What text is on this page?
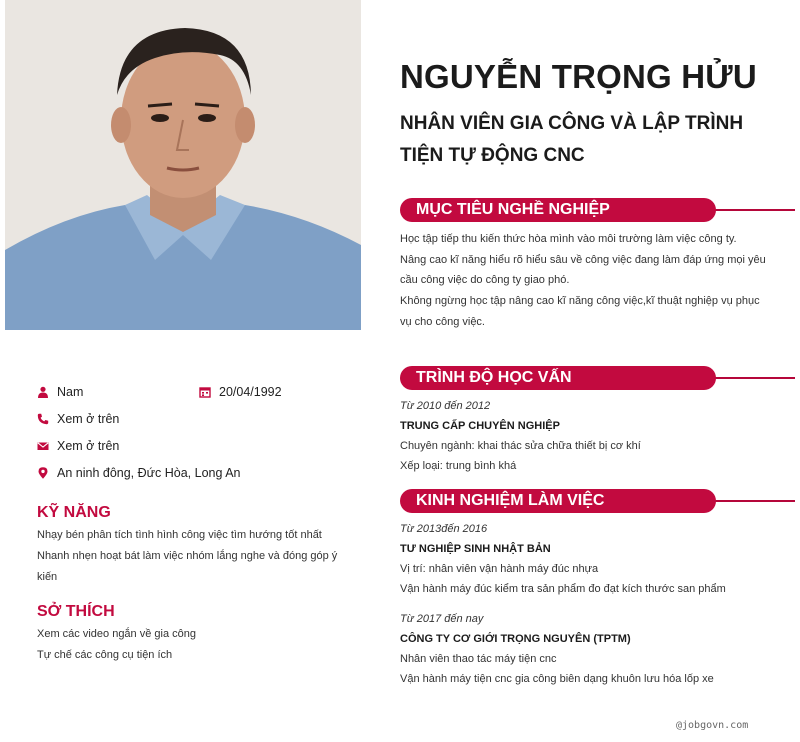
NGUYỄN TRỌNG HỬU
NHÂN VIÊN GIA CÔNG VÀ LẬP TRÌNH
TIỆN TỰ ĐỘNG CNC
MỤC TIÊU NGHỀ NGHIỆP
Học tập tiếp thu kiến thức hòa mình vào môi trường làm việc công ty.
Nâng cao kĩ năng hiểu rõ hiểu sâu về công việc đang làm đáp ứng mọi yêu cầu công việc do công ty giao phó.
Không ngừng học tập nâng cao kĩ năng công việc,kĩ thuật nghiệp vụ phục vụ cho công việc.
TRÌNH ĐỘ HỌC VẤN
Từ 2010 đến 2012
TRUNG CẤP CHUYÊN NGHIỆP
Chuyên ngành: khai thác sửa chữa thiết bị cơ khí
Xếp loại: trung bình khá
KINH NGHIỆM LÀM VIỆC
Từ 2013đến 2016
TƯ NGHIỆP SINH NHẬT BẢN
Vị trí: nhân viên vận hành máy đúc nhựa
Vận hành máy đúc kiểm tra sản phẩm đo đạt kích thước san phẩm
Từ 2017 đến nay
CÔNG TY CƠ GIỚI TRỌNG NGUYÊN (TPTM)
Nhân viên thao tác máy tiện cnc
Vận hành máy tiện cnc gia công biên dạng khuôn lưu hóa lốp xe
Nam	20/04/1992
Xem ở trên
Xem ở trên
An ninh đông, Đức Hòa, Long An
KỸ NĂNG
Nhạy bén phân tích tình hình công việc tìm hướng tốt nhất
Nhanh nhẹn hoạt bát làm việc nhóm lắng nghe và đóng góp ý kiến
SỞ THÍCH
Xem các video ngắn về gia công
Tự chế các công cụ tiện ích
@jobgovn.com
